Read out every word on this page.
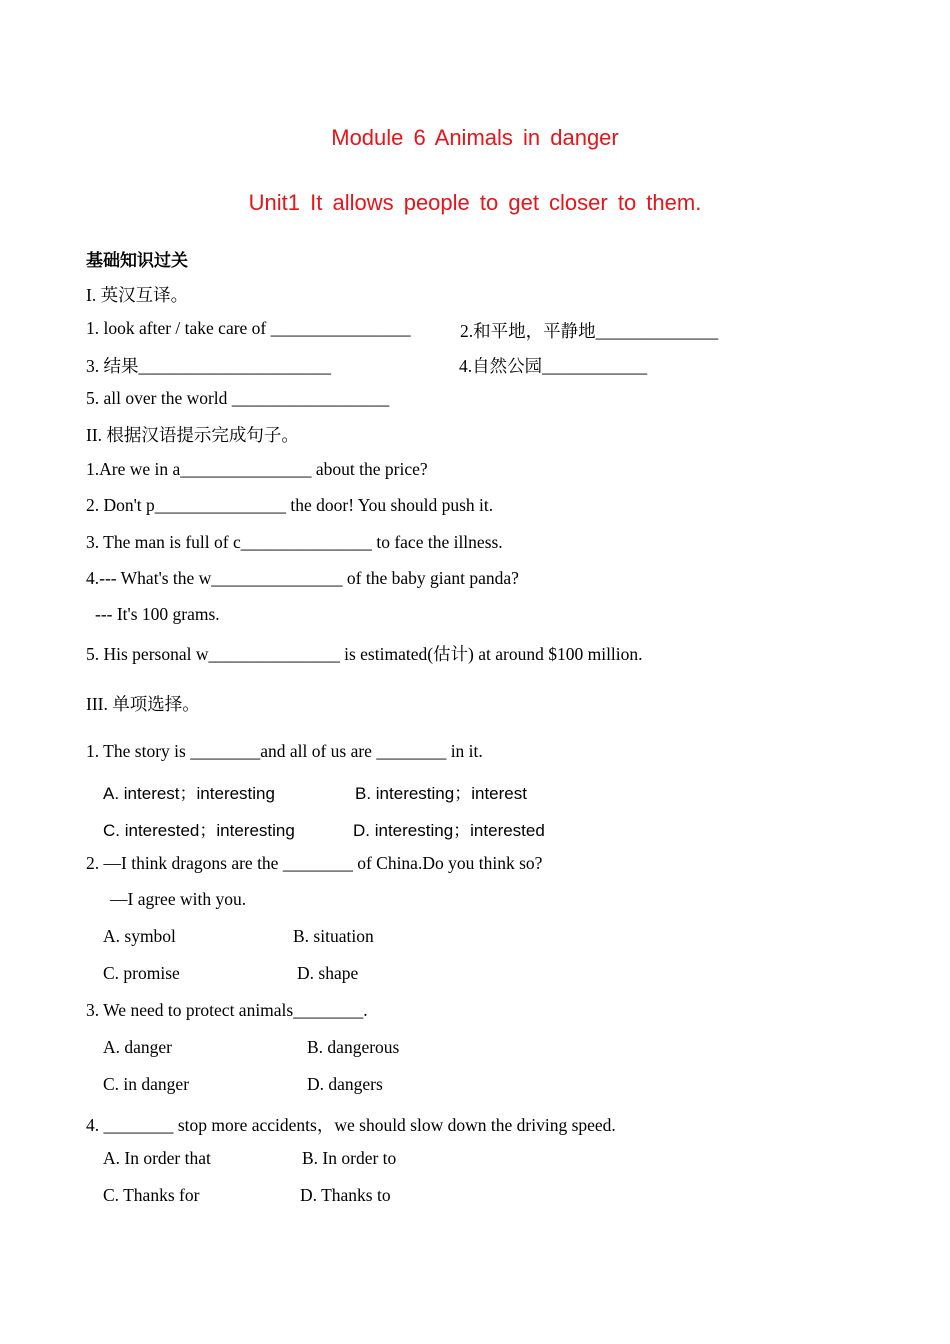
Module 6 Animals in danger
Unit1 It allows people to get closer to them.
基础知识过关
I. 英汉互译。
1. look after / take care of ________________	2.和平地，平静地______________
3. 结果______________________	4.自然公园____________
5. all over the world __________________
II. 根据汉语提示完成句子。
1.Are we in a_______________ about the price?
2. Don't p_______________ the door! You should push it.
3. The man is full of c_______________ to face the illness.
4.--- What's the w_______________ of the baby giant panda?
--- It's 100 grams.
5. His personal w_______________ is estimated(估计) at around $100 million.
III. 单项选择。
1. The story is ________and all of us are ________ in it.
A. interest；interesting	B. interesting；interest
C. interested；interesting	D. interesting；interested
2. —I think dragons are the ________ of China.Do you think so?
—I agree with you.
A. symbol	B. situation
C. promise	D. shape
3. We need to protect animals________.
A. danger	B. dangerous
C. in danger	D. dangers
4. ________ stop more accidents，we should slow down the driving speed.
A. In order that	B. In order to
C. Thanks for	D. Thanks to
